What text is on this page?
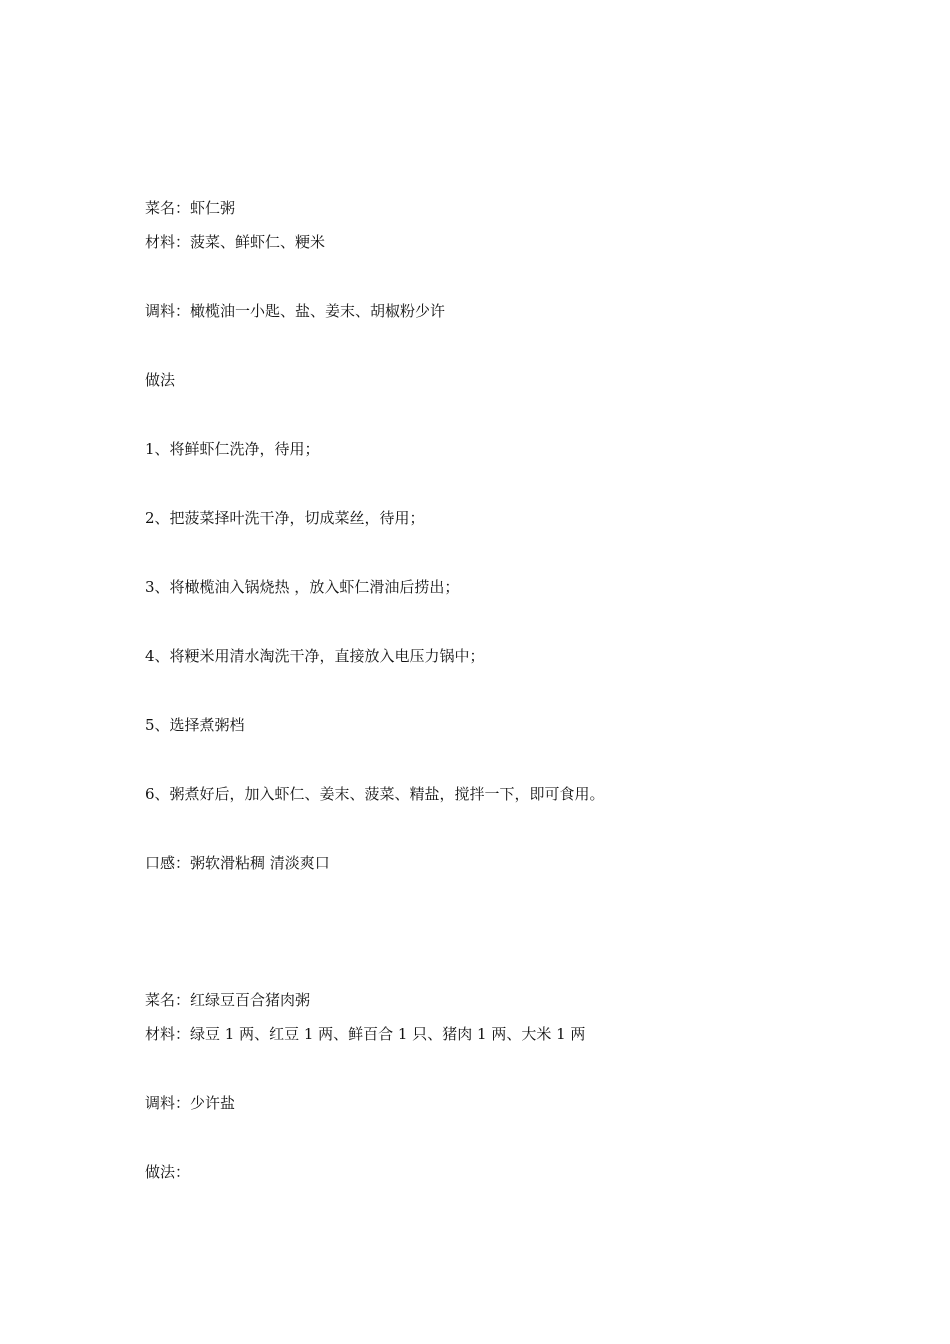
菜名：虾仁粥
材料：菠菜、鲜虾仁、粳米
调料：橄榄油一小匙、盐、姜末、胡椒粉少许
做法
1、将鲜虾仁洗净，待用；
2、把菠菜择叶洗干净，切成菜丝，待用；
3、将橄榄油入锅烧热 ，放入虾仁滑油后捞出；
4、将粳米用清水淘洗干净，直接放入电压力锅中；
5、选择煮粥档
6、粥煮好后，加入虾仁、姜末、菠菜、精盐，搅拌一下，即可食用。
口感：粥软滑粘稠 清淡爽口
菜名：红绿豆百合猪肉粥
材料：绿豆 1 两、红豆 1 两、鲜百合 1 只、猪肉 1 两、大米 1 两
调料：少许盐
做法：
